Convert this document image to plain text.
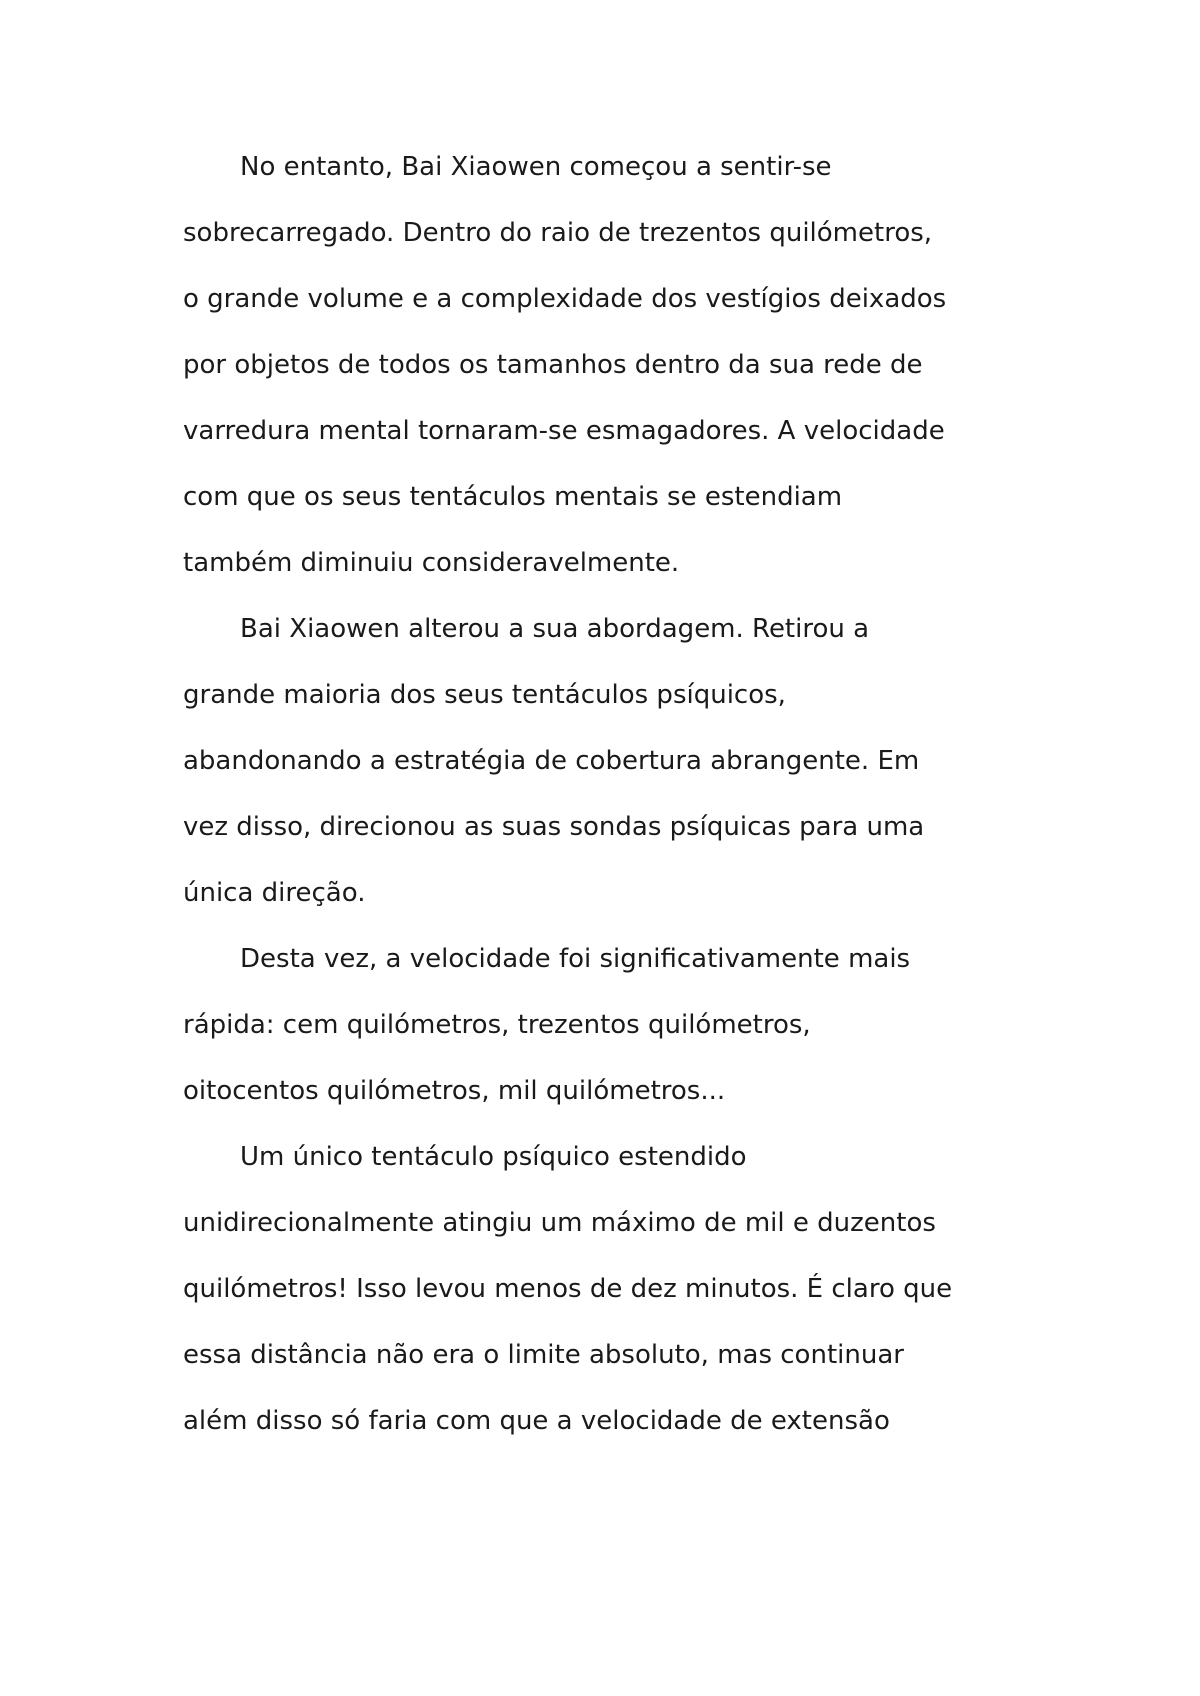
No entanto, Bai Xiaowen começou a sentir-se
sobrecarregado. Dentro do raio de trezentos quilómetros,
o grande volume e a complexidade dos vestígios deixados
por objetos de todos os tamanhos dentro da sua rede de
varredura mental tornaram-se esmagadores. A velocidade
com que os seus tentáculos mentais se estendiam
também diminuiu consideravelmente.
Bai Xiaowen alterou a sua abordagem. Retirou a
grande maioria dos seus tentáculos psíquicos,
abandonando a estratégia de cobertura abrangente. Em
vez disso, direcionou as suas sondas psíquicas para uma
única direção.
Desta vez, a velocidade foi significativamente mais
rápida: cem quilómetros, trezentos quilómetros,
oitocentos quilómetros, mil quilómetros...
Um único tentáculo psíquico estendido
unidirecionalmente atingiu um máximo de mil e duzentos
quilómetros! Isso levou menos de dez minutos. É claro que
essa distância não era o limite absoluto, mas continuar
além disso só faria com que a velocidade de extensão
